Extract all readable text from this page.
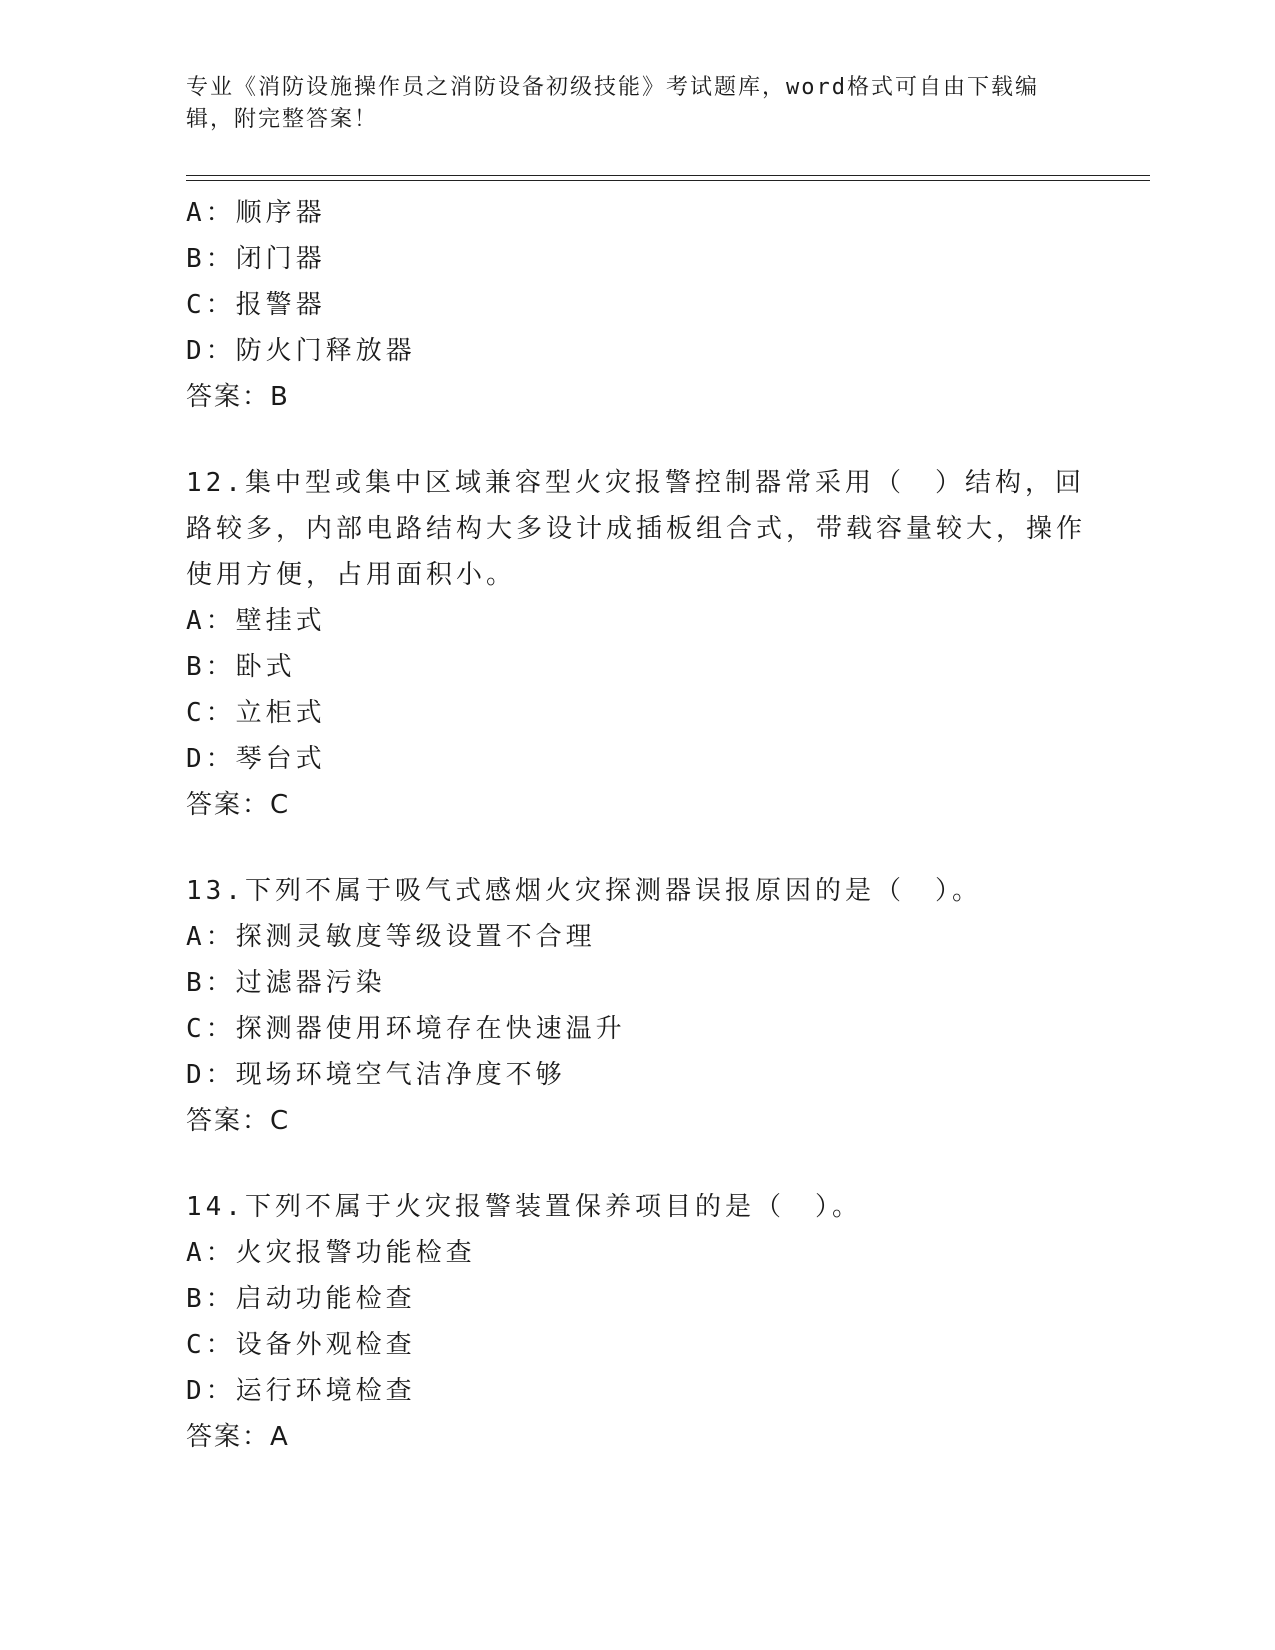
专业《消防设施操作员之消防设备初级技能》考试题库，word格式可自由下载编辑，附完整答案！
A：顺序器
B：闭门器
C：报警器
D：防火门释放器
答案：B
12.集中型或集中区域兼容型火灾报警控制器常采用（　）结构，回路较多，内部电路结构大多设计成插板组合式，带载容量较大，操作使用方便，占用面积小。
A：壁挂式
B：卧式
C：立柜式
D：琴台式
答案：C
13.下列不属于吸气式感烟火灾探测器误报原因的是（　）。
A：探测灵敏度等级设置不合理
B：过滤器污染
C：探测器使用环境存在快速温升
D：现场环境空气洁净度不够
答案：C
14.下列不属于火灾报警装置保养项目的是（　）。
A：火灾报警功能检查
B：启动功能检查
C：设备外观检查
D：运行环境检查
答案：A
